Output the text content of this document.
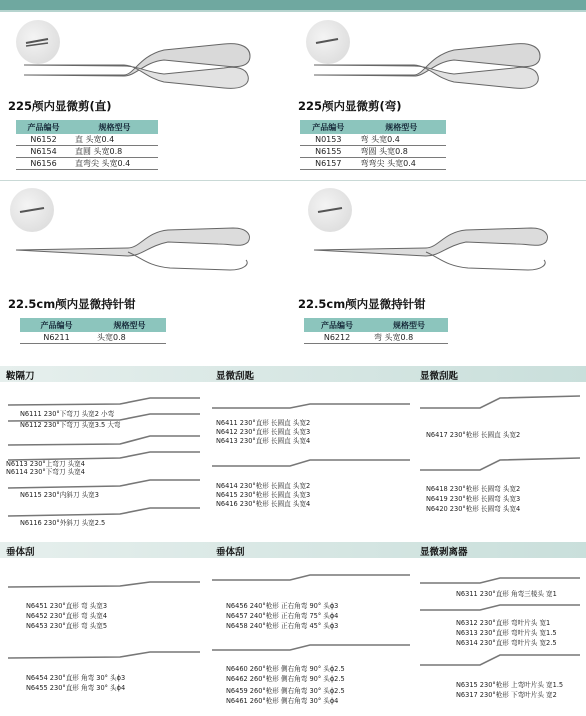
225颅内显微剪(直)
产品编号	规格型号
N6152	直 头宽0.4
N6154	直圆 头宽0.8
N6156	直弯尖 头宽0.4
225颅内显微剪(弯)
产品编号	规格型号
N0153	弯 头宽0.4
N6155	弯圆 头宽0.8
N6157	弯弯尖 头宽0.4
22.5cm颅内显微持针钳
产品编号	规格型号
N6211	头宽0.8
22.5cm颅内显微持针钳
产品编号	规格型号
N6212	弯 头宽0.8
鞍隔刀	显微刮匙	显微刮匙
N6111 230°下弯刀 头宽2 小弯
N6112 230°下弯刀 头宽3.5 大弯
N6113 230°上弯刀 头宽4
N6114 230°下弯刀 头宽4
N6115 230°内斜刀 头宽3
N6116 230°外斜刀 头宽2.5
N6411 230°直形 长圆直 头宽2
N6412 230°直形 长圆直 头宽3
N6413 230°直形 长圆直 头宽4
N6414 230°枪形 长圆直 头宽2
N6415 230°枪形 长圆直 头宽3
N6416 230°枪形 长圆直 头宽4
N6417 230°枪形 长圆直 头宽2
N6418 230°枪形 长圆弯 头宽2
N6419 230°枪形 长圆弯 头宽3
N6420 230°枪形 长圆弯 头宽4
垂体刮	垂体刮	显微剥离器
N6451 230°直形 弯 头宽3
N6452 230°直形 弯 头宽4
N6453 230°直形 弯 头宽5
N6454 230°直形 角弯 30° 头ϕ3
N6455 230°直形 角弯 30° 头ϕ4
N6456 240°枪形 正右角弯 90° 头ϕ3
N6457 240°枪形 正右角弯 75° 头ϕ4
N6458 240°枪形 正右角弯 45° 头ϕ3
N6460 260°枪形 侧右角弯 90° 头ϕ2.5
N6462 260°枪形 侧右角弯 90° 头ϕ2.5
N6459 260°枪形 侧右角弯 30° 头ϕ2.5
N6461 260°枪形 侧右角弯 30° 头ϕ4
N6311 230°直形 角弯三棱头 宽1
N6312 230°直形 弯叶片头 宽1
N6313 230°直形 弯叶片头 宽1.5
N6314 230°直形 弯叶片头 宽2.5
N6315 230°枪形 上弯叶片头 宽1.5
N6317 230°枪形 下弯叶片头 宽2
